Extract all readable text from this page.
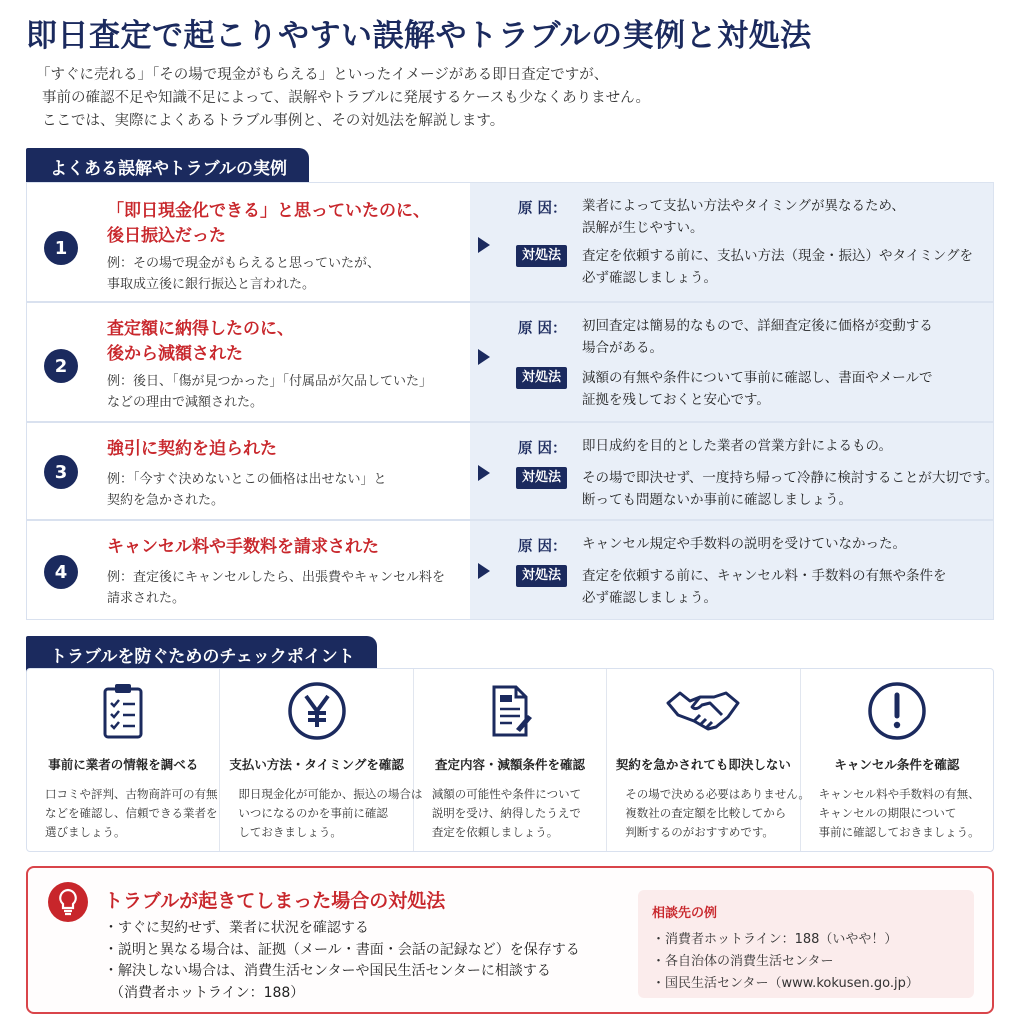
即日査定で起こりやすい誤解やトラブルの実例と対処法

「すぐに売れる」「その場で現金がもらえる」といったイメージがある即日査定ですが、

事前の確認不足や知識不足によって、誤解やトラブルに発展するケースも少なくありません。

ここでは、実際によくあるトラブル事例と、その対処法を解説します。

よくある誤解やトラブルの実例
1
「即日現金化できる」と思っていたのに、
後日振込だった
例：その場で現金がもらえると思っていたが、
事取成立後に銀行振込と言われた。
原 因： 業者によって支払い方法やタイミングが異なるため、
誤解が生じやすい。
対処法	査定を依頼する前に、支払い方法（現金・振込）やタイミングを
必ず確認しましょう。
2
査定額に納得したのに、
後から減額された
例：後日、「傷が見つかった」「付属品が欠品していた」
などの理由で減額された。
原 因： 初回査定は簡易的なもので、詳細査定後に価格が変動する
場合がある。
対処法	減額の有無や条件について事前に確認し、書面やメールで
証拠を残しておくと安心です。
3
強引に契約を迫られた
例：「今すぐ決めないとこの価格は出せない」と
契約を急かされた。
原 因： 即日成約を目的とした業者の営業方針によるもの。
対処法	その場で即決せず、一度持ち帰って冷静に検討することが大切です。
断っても問題ないか事前に確認しましょう。
4
キャンセル料や手数料を請求された
例：査定後にキャンセルしたら、出張費やキャンセル料を
請求された。
原 因： キャンセル規定や手数料の説明を受けていなかった。
対処法	査定を依頼する前に、キャンセル料・手数料の有無や条件を
必ず確認しましょう。
トラブルを防ぐためのチェックポイント
事前に業者の情報を調べる
口コミや評判、古物商許可の有無
などを確認し、信頼できる業者を
選びましょう。
支払い方法・タイミングを確認
即日現金化が可能か、振込の場合は
いつになるのかを事前に確認
しておきましょう。
査定内容・減額条件を確認
減額の可能性や条件について
説明を受け、納得したうえで
査定を依頼しましょう。
契約を急かされても即決しない
その場で決める必要はありません。
複数社の査定額を比較してから
判断するのがおすすめです。
キャンセル条件を確認
キャンセル料や手数料の有無、
キャンセルの期限について
事前に確認しておきましょう。
トラブルが起きてしまった場合の対処法
・すぐに契約せず、業者に状況を確認する
・説明と異なる場合は、証拠（メール・書面・会話の記録など）を保存する
・解決しない場合は、消費生活センターや国民生活センターに相談する
（消費者ホットライン：188）
相談先の例
・消費者ホットライン：188（いやや！）
・各自治体の消費生活センター
・国民生活センター（www.kokusen.go.jp）
